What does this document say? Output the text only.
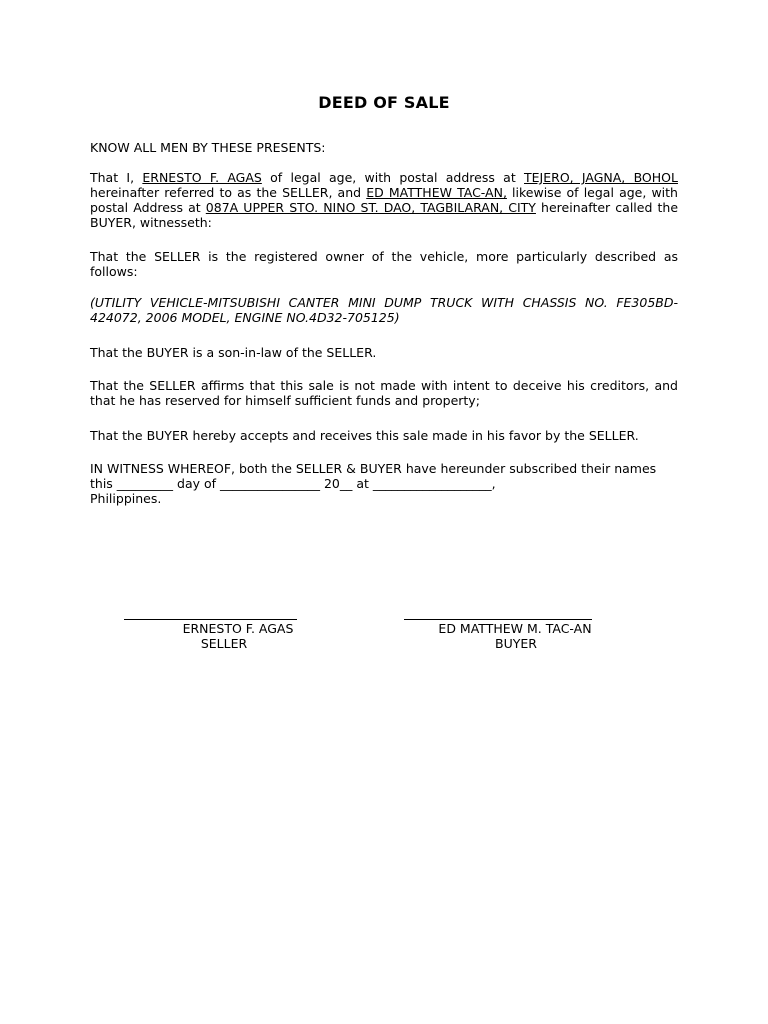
DEED OF SALE
KNOW ALL MEN BY THESE PRESENTS:
That I, ERNESTO F. AGAS of legal age, with postal address at TEJERO, JAGNA, BOHOL hereinafter referred to as the SELLER, and ED MATTHEW TAC-AN, likewise of legal age, with postal Address at 087A UPPER STO. NINO ST. DAO, TAGBILARAN, CITY hereinafter called the BUYER, witnesseth:
That the SELLER is the registered owner of the vehicle, more particularly described as follows:
(UTILITY VEHICLE-MITSUBISHI CANTER MINI DUMP TRUCK WITH CHASSIS NO. FE305BD-424072, 2006 MODEL, ENGINE NO.4D32-705125)
That the BUYER is a son-in-law of the SELLER.
That the SELLER affirms that this sale is not made with intent to deceive his creditors, and that he has reserved for himself sufficient funds and property;
That the BUYER hereby accepts and receives this sale made in his favor by the SELLER.
IN WITNESS WHEREOF, both the SELLER & BUYER have hereunder subscribed their names
this _________ day of ________________ 20__ at ___________________,
Philippines.
ERNESTO F. AGAS
SELLER
ED MATTHEW M. TAC-AN
BUYER
